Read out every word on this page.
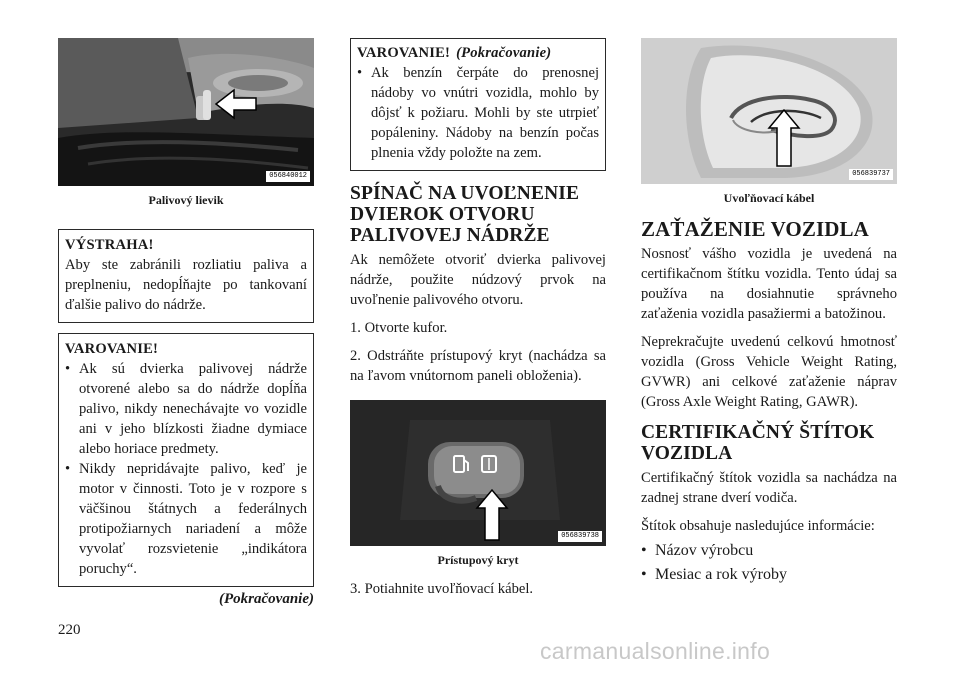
056840012
Palivový lievik
VÝSTRAHA!
Aby ste zabránili rozliatiu paliva a preplneniu, nedopĺňajte po tankovaní ďalšie palivo do nádrže.
VAROVANIE!
• Ak sú dvierka palivovej nádrže otvorené alebo sa do nádrže dopĺňa palivo, nikdy nenechávajte vo vozidle ani v jeho blízkosti žiadne dymiace alebo horiace predmety.
• Nikdy nepridávajte palivo, keď je motor v činnosti. Toto je v rozpore s väčšinou štátnych a federálnych protipožiarnych nariadení a môže vyvolať rozsvietenie „indikátora poruchy“.
(Pokračovanie)
VAROVANIE! (Pokračovanie)
• Ak benzín čerpáte do prenosnej nádoby vo vnútri vozidla, mohlo by dôjsť k požiaru. Mohli by ste utrpieť popáleniny. Nádoby na benzín počas plnenia vždy položte na zem.
SPÍNAČ NA UVOĽNENIE DVIEROK OTVORU PALIVOVEJ NÁDRŽE

Ak nemôžete otvoriť dvierka palivovej nádrže, použite núdzový prvok na uvoľnenie palivového otvoru.

1. Otvorte kufor.
2. Odstráňte prístupový kryt (nachádza sa na ľavom vnútornom paneli obloženia).
056839738
Prístupový kryt

3. Potiahnite uvoľňovací kábel.

056839737
Uvoľňovací kábel
ZAŤAŽENIE VOZIDLA

Nosnosť vášho vozidla je uvedená na certifikačnom štítku vozidla. Tento údaj sa používa na dosiahnutie správneho zaťaženia vozidla pasažiermi a batožinou.

Neprekračujte uvedenú celkovú hmotnosť vozidla (Gross Vehicle Weight Rating, GVWR) ani celkové zaťaženie náprav (Gross Axle Weight Rating, GAWR).

CERTIFIKAČNÝ ŠTÍTOK VOZIDLA

Certifikačný štítok vozidla sa nachádza na zadnej strane dverí vodiča.

Štítok obsahuje nasledujúce informácie:

• Názov výrobcu
• Mesiac a rok výroby
220
carmanualsonline.info
